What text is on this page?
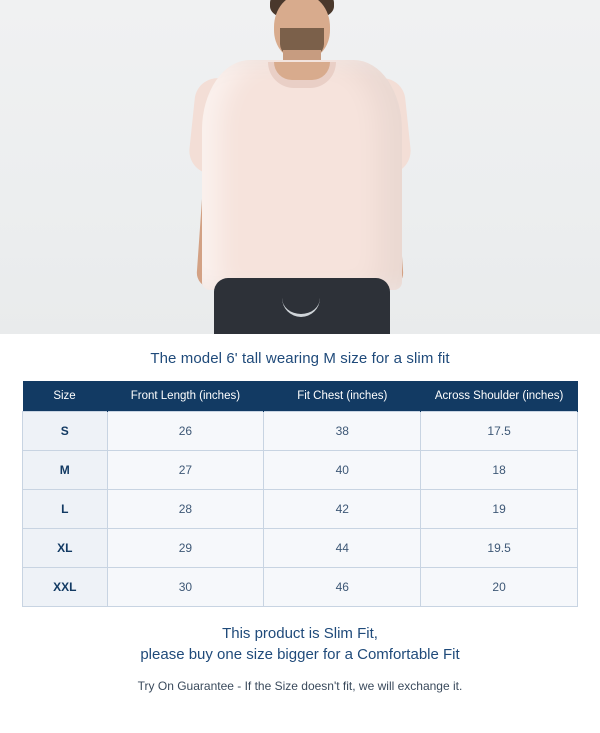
The model 6' tall wearing M size for a slim fit
Size	Front Length (inches)	Fit Chest (inches)	Across Shoulder (inches)
S	26	38	17.5
M	27	40	18
L	28	42	19
XL	29	44	19.5
XXL	30	46	20
This product is Slim Fit,
please buy one size bigger for a Comfortable Fit
Try On Guarantee - If the Size doesn't fit, we will exchange it.
